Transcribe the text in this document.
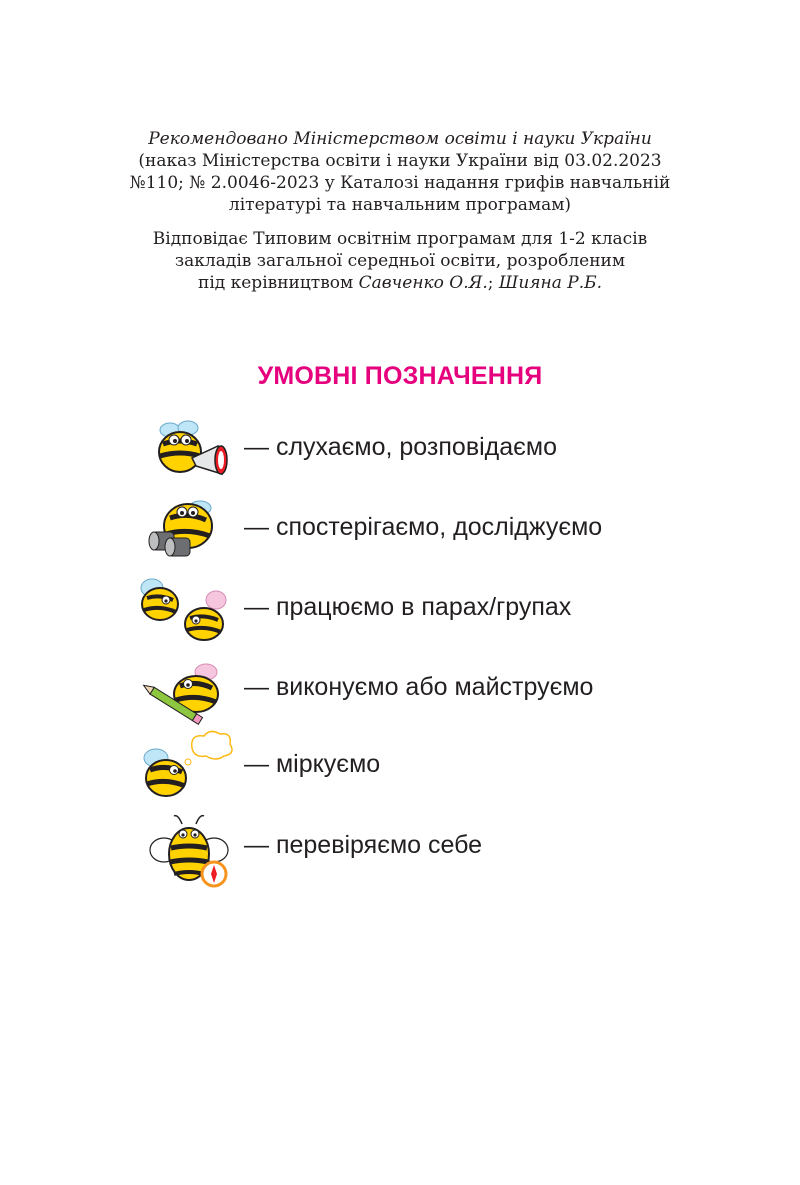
Рекомендовано Міністерством освіти і науки України
(наказ Міністерства освіти і науки України від 03.02.2023
№110; № 2.0046-2023 у Каталозі надання грифів навчальній
літературі та навчальним програмам)
Відповідає Типовим освітнім програмам для 1-2 класів
закладів загальної середньої освіти, розробленим
під керівництвом Савченко О.Я.; Шияна Р.Б.
УМОВНІ ПОЗНАЧЕННЯ
— слухаємо, розповідаємо
— спостерігаємо, досліджуємо
— працюємо в парах/групах
— виконуємо або майструємо
— міркуємо
— перевіряємо себе
